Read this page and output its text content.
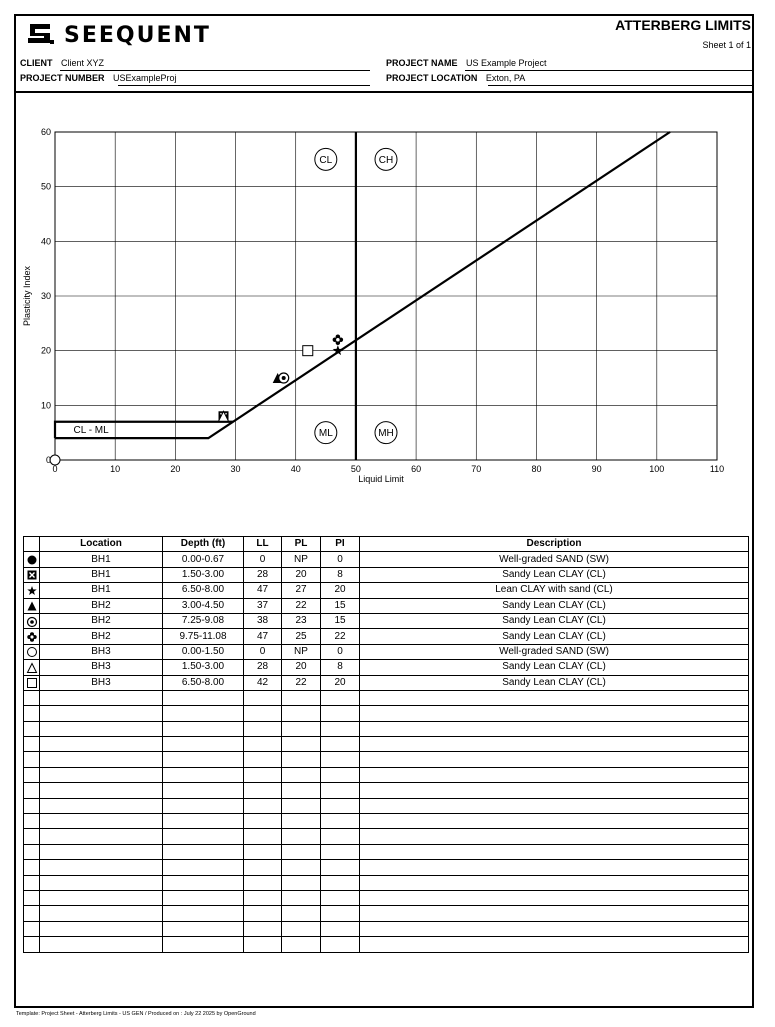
SEEQUENT	ATTERBERG LIMITS
Sheet 1 of 1
CLIENT Client XYZ
PROJECT NUMBER USExampleProj
PROJECT NAME US Example Project
PROJECT LOCATION Exton, PA
0	10	20	30	40	50	60	70	80	90	100	110
0
10
20
30
40
50
60
Liquid Limit
Plasticity Index
CL	CH
ML	MH
CL - ML
	Location	Depth (ft)	LL	PL	PI	Description

	BH1	0.00-0.67	0	NP	0	Well-graded SAND (SW)

	BH1	1.50-3.00	28	20	8	Sandy Lean CLAY (CL)

	BH1	6.50-8.00	47	27	20	Lean CLAY with sand (CL)

	BH2	3.00-4.50	37	22	15	Sandy Lean CLAY (CL)

	BH2	7.25-9.08	38	23	15	Sandy Lean CLAY (CL)

	BH2	9.75-11.08	47	25	22	Sandy Lean CLAY (CL)

	BH3	0.00-1.50	0	NP	0	Well-graded SAND (SW)

	BH3	1.50-3.00	28	20	8	Sandy Lean CLAY (CL)

	BH3	6.50-8.00	42	22	20	Sandy Lean CLAY (CL)

Template: Project Sheet - Atterberg Limits - US GEN / Produced on : July 22 2025 by OpenGround
